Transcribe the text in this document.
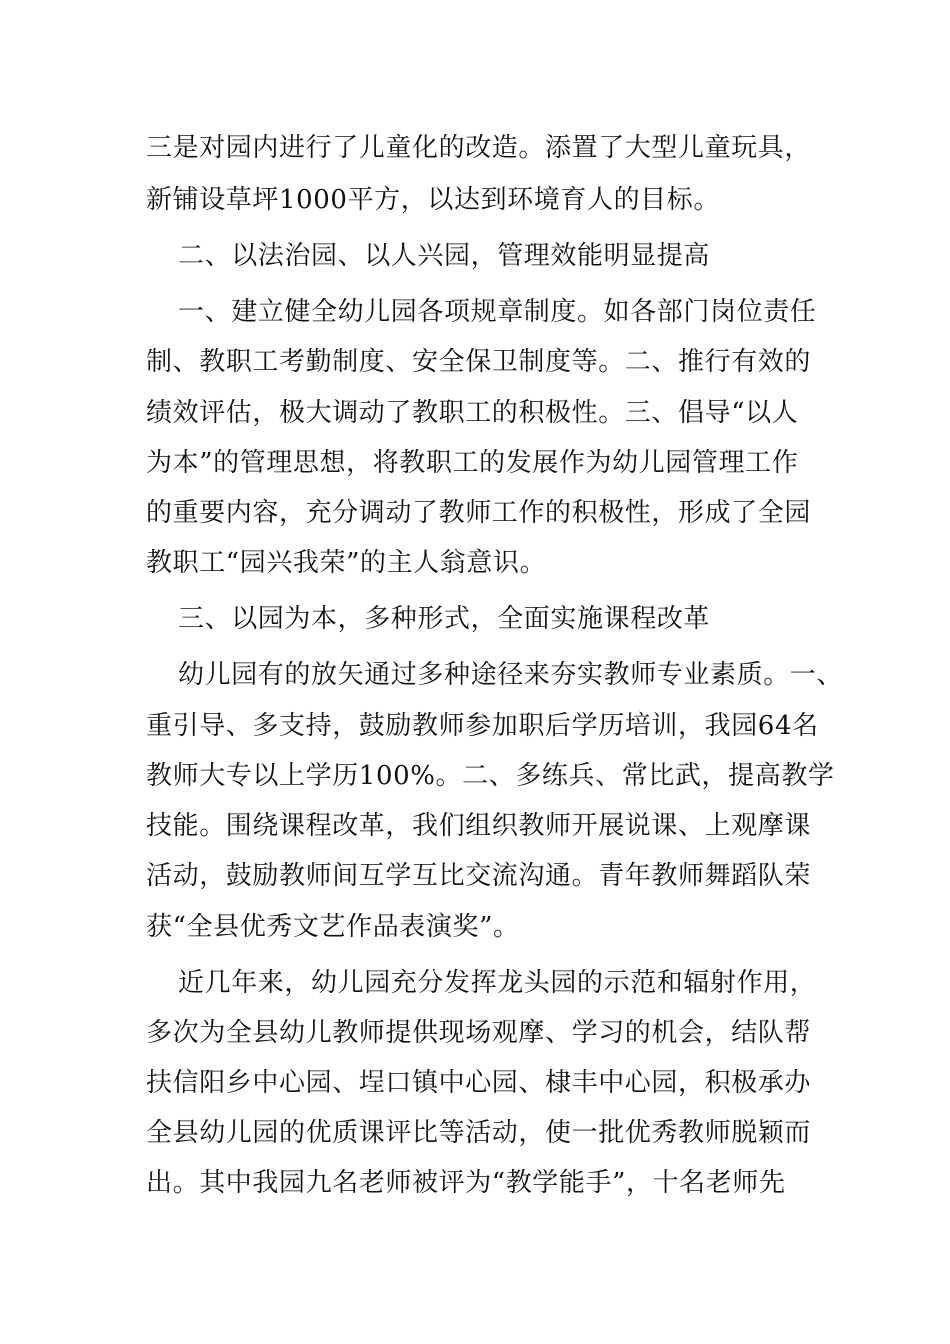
三是对园内进行了儿童化的改造。添置了大型儿童玩具，

新铺设草坪1000平方，以达到环境育人的目标。

二、以法治园、以人兴园，管理效能明显提高

一、建立健全幼儿园各项规章制度。如各部门岗位责任

制、教职工考勤制度、安全保卫制度等。二、推行有效的

绩效评估，极大调动了教职工的积极性。三、倡导“以人

为本”的管理思想，将教职工的发展作为幼儿园管理工作

的重要内容，充分调动了教师工作的积极性，形成了全园

教职工“园兴我荣”的主人翁意识。

三、以园为本，多种形式，全面实施课程改革

幼儿园有的放矢通过多种途径来夯实教师专业素质。一、

重引导、多支持，鼓励教师参加职后学历培训，我园64名

教师大专以上学历100%。二、多练兵、常比武，提高教学

技能。围绕课程改革，我们组织教师开展说课、上观摩课

活动，鼓励教师间互学互比交流沟通。青年教师舞蹈队荣

获“全县优秀文艺作品表演奖”。

近几年来，幼儿园充分发挥龙头园的示范和辐射作用，

多次为全县幼儿教师提供现场观摩、学习的机会，结队帮

扶信阳乡中心园、埕口镇中心园、棣丰中心园，积极承办

全县幼儿园的优质课评比等活动，使一批优秀教师脱颖而

出。其中我园九名老师被评为“教学能手”，十名老师先
